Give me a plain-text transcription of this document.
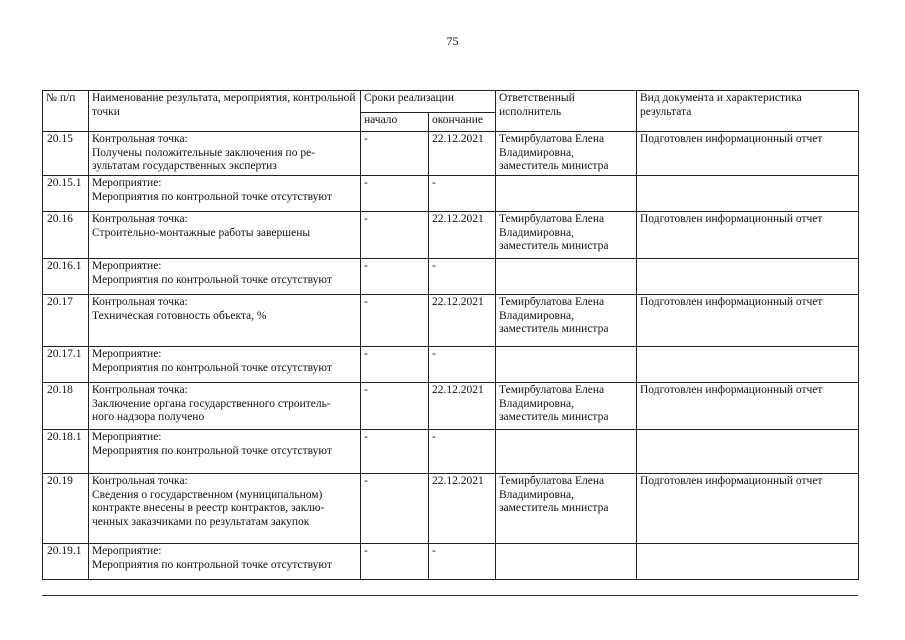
75
№ п/п	Наименование результата, мероприятия, контрольной точки	Сроки реализации		Ответственный исполнитель	Вид документа и характеристика результата
		начало	окончание		
20.15	Контрольная точка:
Получены положительные заключения по ре-
зультатам государственных экспертиз	-	22.12.2021	Темирбулатова Елена
Владимировна,
заместитель министра	Подготовлен информационный отчет
20.15.1	Мероприятие:
Мероприятия по контрольной точке отсутствуют	-	-		
20.16	Контрольная точка:
Строительно-монтажные работы завершены	-	22.12.2021	Темирбулатова Елена
Владимировна,
заместитель министра	Подготовлен информационный отчет
20.16.1	Мероприятие:
Мероприятия по контрольной точке отсутствуют	-	-		
20.17	Контрольная точка:
Техническая готовность объекта, %	-	22.12.2021	Темирбулатова Елена
Владимировна,
заместитель министра	Подготовлен информационный отчет
20.17.1	Мероприятие:
Мероприятия по контрольной точке отсутствуют	-	-		
20.18	Контрольная точка:
Заключение органа государственного строитель-
ного надзора получено	-	22.12.2021	Темирбулатова Елена
Владимировна,
заместитель министра	Подготовлен информационный отчет
20.18.1	Мероприятие:
Мероприятия по контрольной точке отсутствуют	-	-		
20.19	Контрольная точка:
Сведения о государственном (муниципальном)
контракте внесены в реестр контрактов, заклю-
ченных заказчиками по результатам закупок	-	22.12.2021	Темирбулатова Елена
Владимировна,
заместитель министра	Подготовлен информационный отчет
20.19.1	Мероприятие:
Мероприятия по контрольной точке отсутствуют	-	-		
